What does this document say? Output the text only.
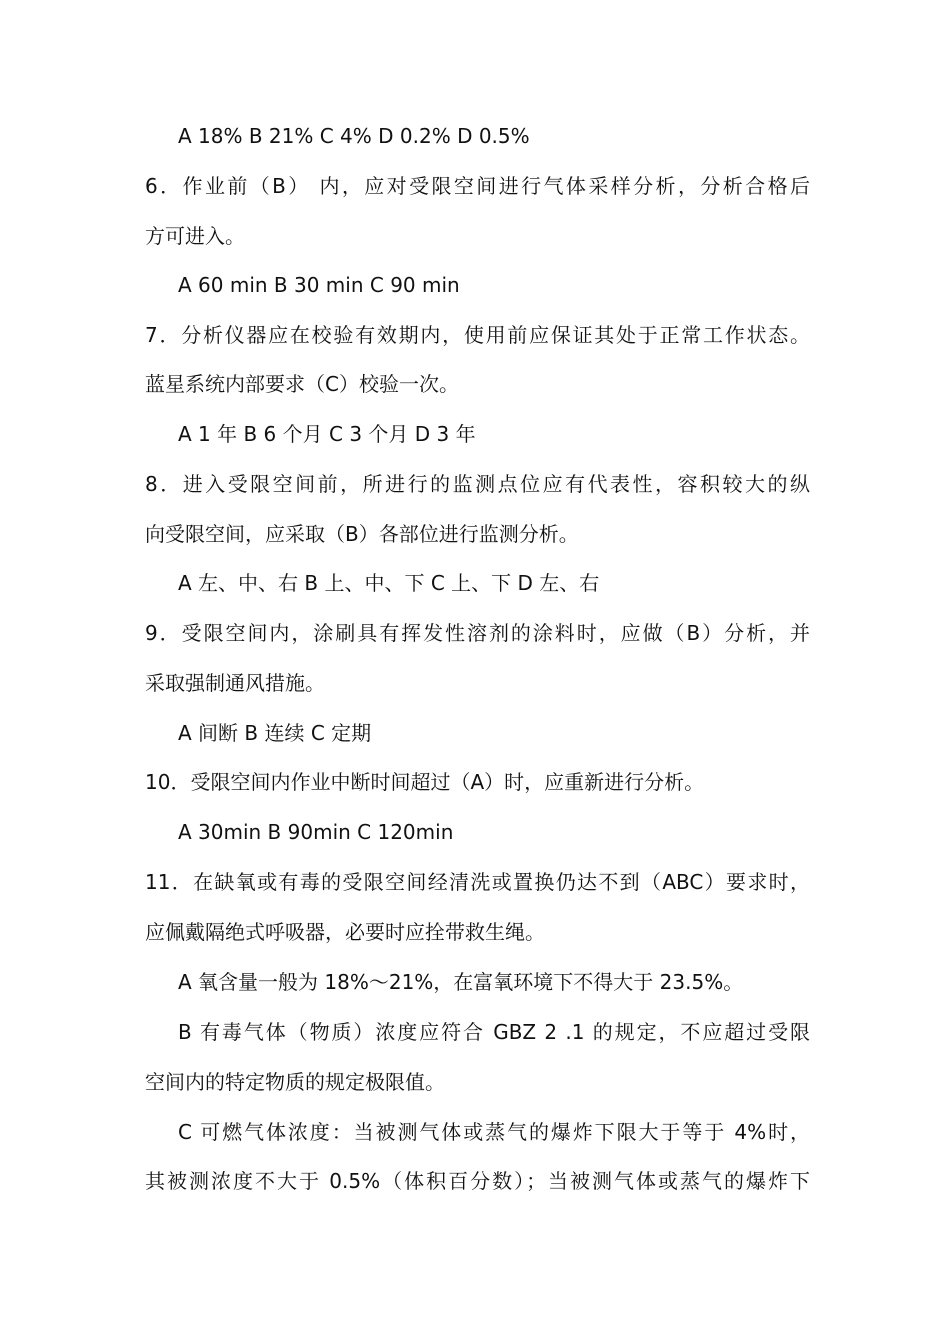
A 18% B 21% C 4% D 0.2% D 0.5%
6．作业前（B） 内，应对受限空间进行气体采样分析，分析合格后
方可进入。
A 60 min B 30 min C 90 min
7．分析仪器应在校验有效期内，使用前应保证其处于正常工作状态。
蓝星系统内部要求（C）校验一次。
A 1 年 B 6 个月 C 3 个月 D 3 年
8．进入受限空间前，所进行的监测点位应有代表性，容积较大的纵
向受限空间，应采取（B）各部位进行监测分析。
A 左、中、右 B 上、中、下 C 上、下 D 左、右
9．受限空间内，涂刷具有挥发性溶剂的涂料时，应做（B）分析，并
采取强制通风措施。
A 间断 B 连续 C 定期
10．受限空间内作业中断时间超过（A）时，应重新进行分析。
A 30min B 90min C 120min
11．在缺氧或有毒的受限空间经清洗或置换仍达不到（ABC）要求时，
应佩戴隔绝式呼吸器，必要时应拴带救生绳。
A 氧含量一般为 18%～21%，在富氧环境下不得大于 23.5%。
B 有毒气体（物质）浓度应符合 GBZ 2 .1 的规定，不应超过受限
空间内的特定物质的规定极限值。
C 可燃气体浓度：当被测气体或蒸气的爆炸下限大于等于 4%时，
其被测浓度不大于 0.5%（体积百分数）；当被测气体或蒸气的爆炸下
